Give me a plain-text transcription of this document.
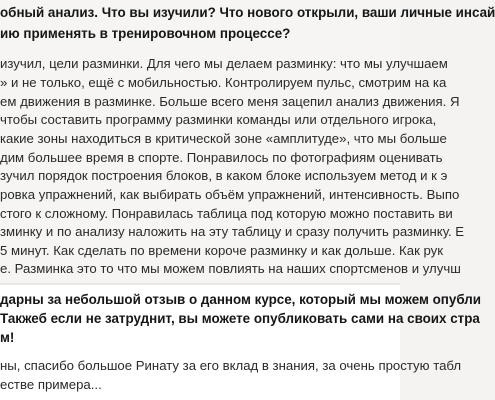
обный анализ. Что вы изучили? Что нового открыли, ваши личные инсай
ию применять в тренировочном процессе?
изучил, цели разминки. Для чего мы делаем разминку: что мы улучшаем
» и не только, ещё с мобильностью. Контролируем пульс, смотрим на ка
ем движения в разминке. Больше всего меня зацепил анализ движения. Я
чтобы составить программу разминки команды или отдельного игрока,
какие зоны находиться в критической зоне «амплитуде», что мы больше
дим большее время в спорте. Понравилось по фотографиям оценивать
зучил порядок построения блоков, в каком блоке используем метод и к э
ровка упражнений, как выбирать объём упражнений, интенсивность. Выпо
стого к сложному. Понравилась таблица под которую можно поставить ви
зминку и по анализу наложить на эту таблицу и сразу получить разминку. Е
5 минут. Как сделать по времени короче разминку и как дольше. Как рук
е. Разминка это то что мы можем повлиять на наших спортсменов и улучш
дарны за небольшой отзыв о данном курсе, который мы можем опубли
Такжеб если не затруднит, вы можете опубликовать сами на своих стра
м!
ны, спасибо большое Ринату за его вклад в знания, за очень простую табл
естве примера...
